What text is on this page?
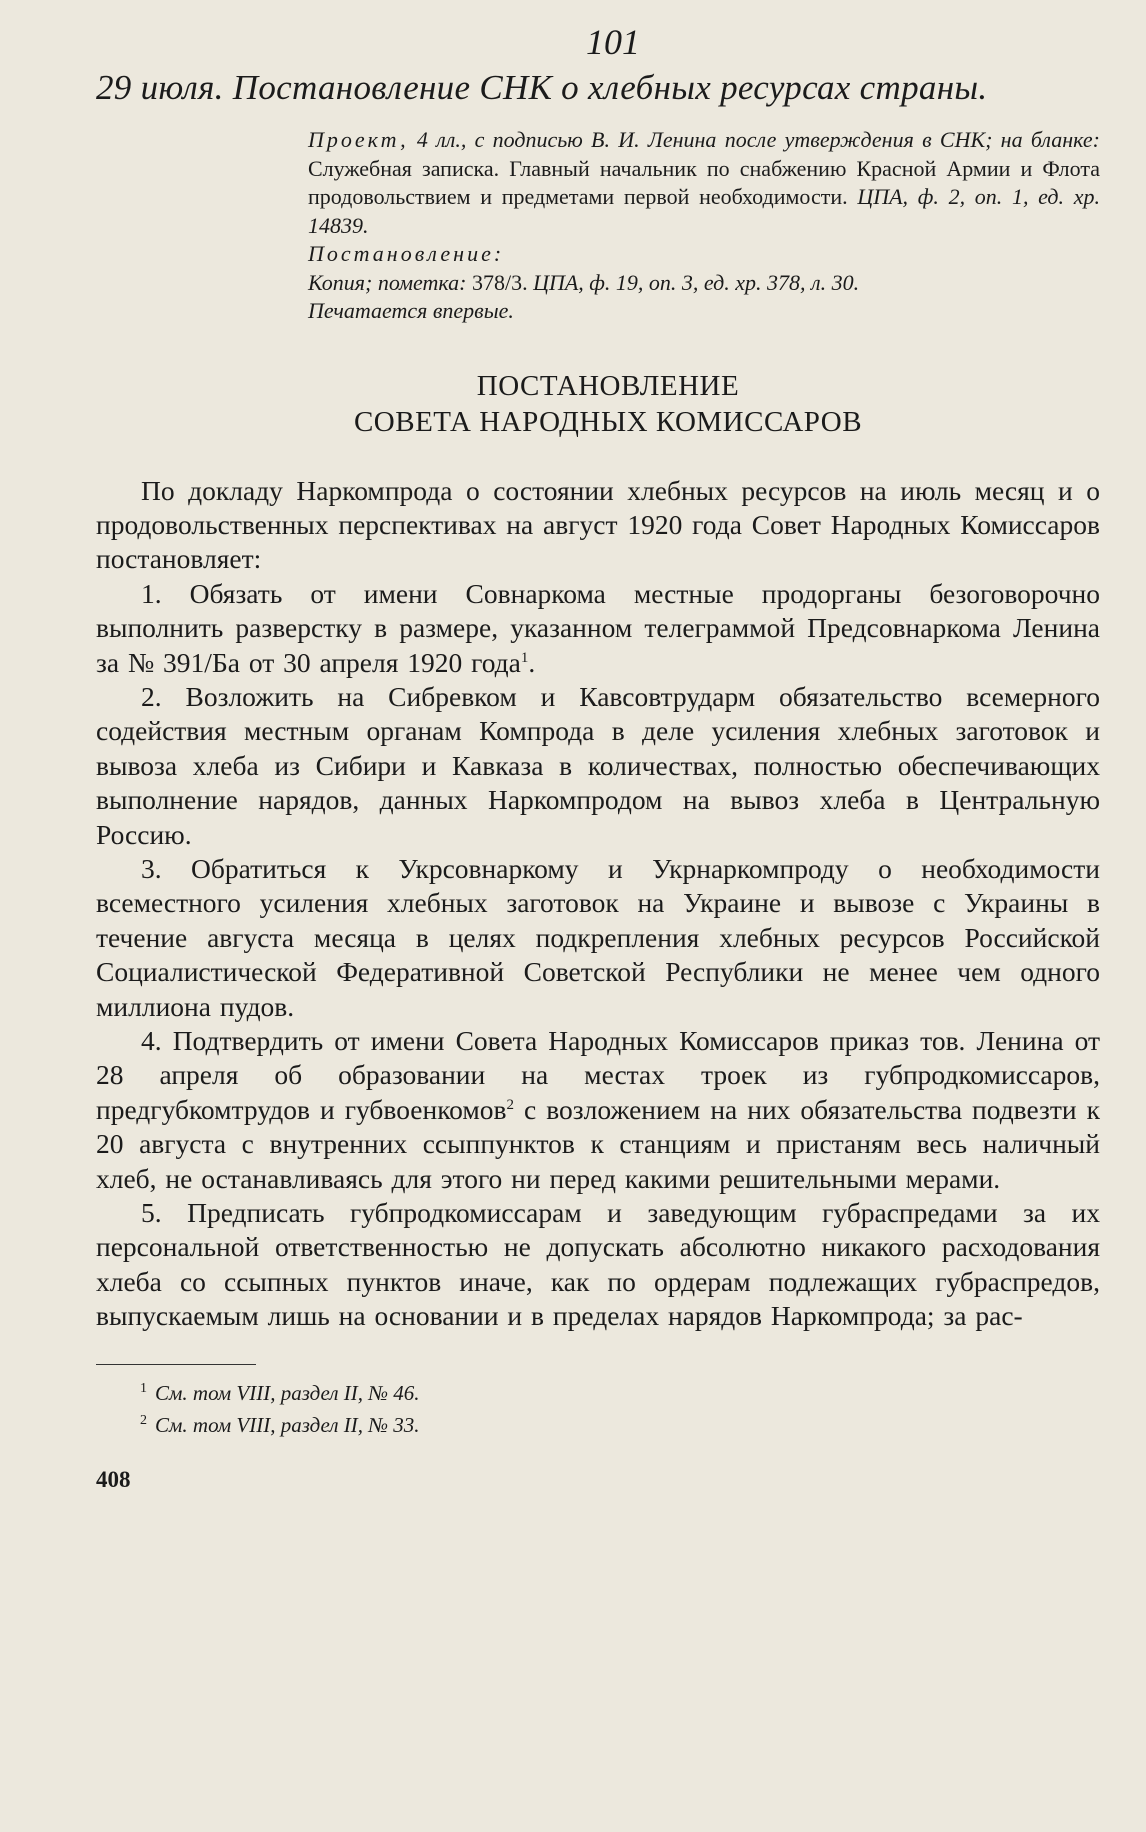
101
29 июля. Постановление СНК о хлебных ресурсах страны.

Проект, 4 лл., с подписью В. И. Ленина после утверждения в СНК; на бланке: Служебная записка. Главный начальник по снабжению Красной Армии и Флота продовольствием и предметами первой необходимости. ЦПА, ф. 2, оп. 1, ед. хр. 14839.

Постановление:

Копия; пометка: 378/3. ЦПА, ф. 19, оп. 3, ед. хр. 378, л. 30.

Печатается впервые.

ПОСТАНОВЛЕНИЕ
СОВЕТА НАРОДНЫХ КОМИССАРОВ

По докладу Наркомпрода о состоянии хлебных ресурсов на июль месяц и о продовольственных перспективах на август 1920 года Совет Народных Комиссаров постановляет:

1. Обязать от имени Совнаркома местные продорганы безоговорочно выполнить разверстку в размере, указанном телеграммой Предсовнаркома Ленина за № 391/Ба от 30 апреля 1920 года$^1$.

2. Возложить на Сибревком и Кавсовтрударм обязательство всемерного содействия местным органам Компрода в деле усиления хлебных заготовок и вывоза хлеба из Сибири и Кавказа в количествах, полностью обеспечивающих выполнение нарядов, данных Наркомпродом на вывоз хлеба в Центральную Россию.

3. Обратиться к Укрсовнаркому и Укрнаркомпроду о необходимости всеместного усиления хлебных заготовок на Украине и вывозе с Украины в течение августа месяца в целях подкрепления хлебных ресурсов Российской Социалистической Федеративной Советской Республики не менее чем одного миллиона пудов.

4. Подтвердить от имени Совета Народных Комиссаров приказ тов. Ленина от 28 апреля об образовании на местах троек из губпродкомиссаров, предгубкомтрудов и губвоенкомов$^2$ с возложением на них обязательства подвезти к 20 августа с внутренних ссыппунктов к станциям и пристаням весь наличный хлеб, не останавливаясь для этого ни перед какими решительными мерами.

5. Предписать губпродкомиссарам и заведующим губраспредами за их персональной ответственностью не допускать абсолютно никакого расходования хлеба со ссыпных пунктов иначе, как по ордерам подлежащих губраспредов, выпускаемым лишь на основании и в пределах нарядов Наркомпрода; за рас-

$^1$ См. том VIII, раздел II, № 46.

$^2$ См. том VIII, раздел II, № 33.

408
